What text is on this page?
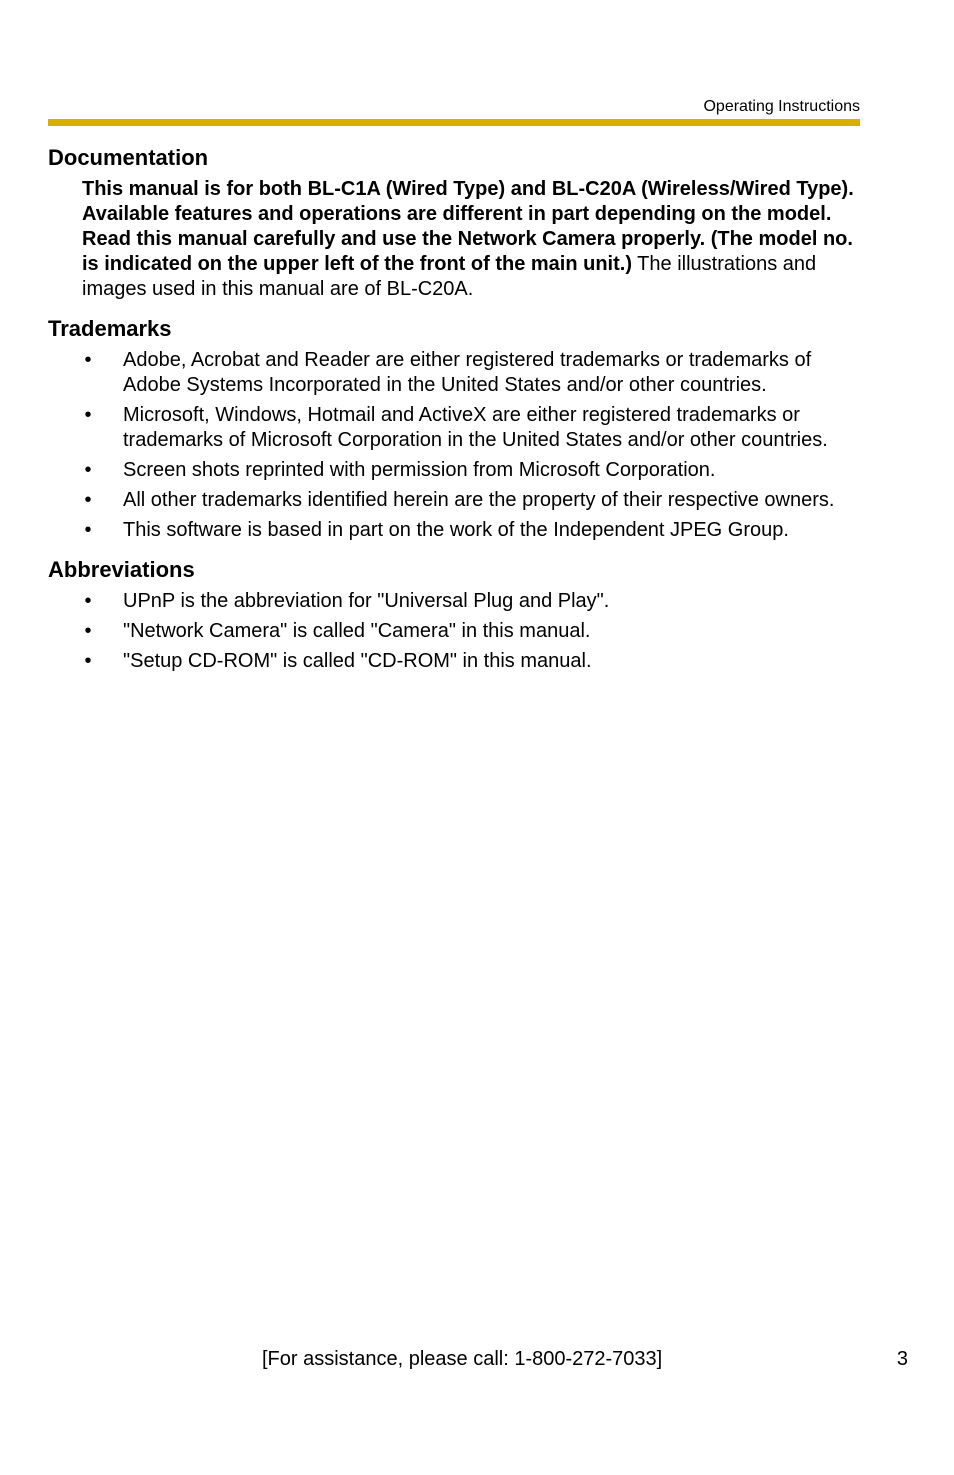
Operating Instructions
Documentation

This manual is for both BL-C1A (Wired Type) and BL-C20A (Wireless/Wired Type). Available features and operations are different in part depending on the model. Read this manual carefully and use the Network Camera properly. (The model no. is indicated on the upper left of the front of the main unit.) The illustrations and images used in this manual are of BL-C20A.

Trademarks
• Adobe, Acrobat and Reader are either registered trademarks or trademarks of Adobe Systems Incorporated in the United States and/or other countries.
• Microsoft, Windows, Hotmail and ActiveX are either registered trademarks or trademarks of Microsoft Corporation in the United States and/or other countries.
• Screen shots reprinted with permission from Microsoft Corporation.
• All other trademarks identified herein are the property of their respective owners.
• This software is based in part on the work of the Independent JPEG Group.
Abbreviations
• UPnP is the abbreviation for "Universal Plug and Play".
• "Network Camera" is called "Camera" in this manual.
• "Setup CD-ROM" is called "CD-ROM" in this manual.
[For assistance, please call: 1-800-272-7033]	3
